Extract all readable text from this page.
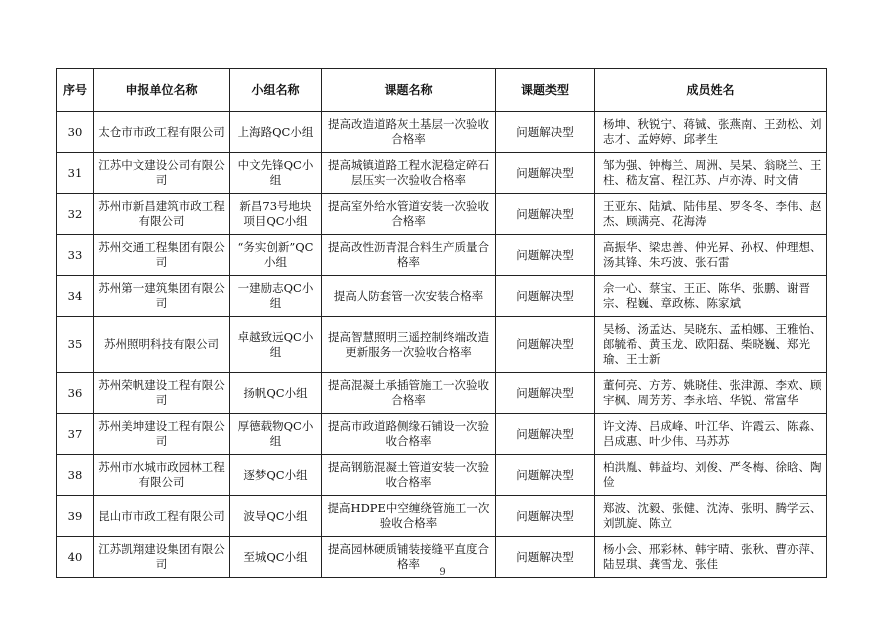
序号	申报单位名称	小组名称	课题名称	课题类型	成员姓名
30	太仓市市政工程有限公司	上海路QC小组	提高改造道路灰土基层一次验收合格率	问题解决型	杨坤、秋锐宁、蒋铖、张燕南、王劲松、刘志才、孟婷婷、邱孝生
31	江苏中文建设公司有限公司	中文先锋QC小组	提高城镇道路工程水泥稳定碎石层压实一次验收合格率	问题解决型	邹为强、钟梅兰、周洲、吴杲、翁晓兰、王柱、嵇友富、程江苏、卢亦涛、时文倩
32	苏州市新昌建筑市政工程有限公司	新昌73号地块项目QC小组	提高室外给水管道安装一次验收合格率	问题解决型	王亚东、陆斌、陆伟星、罗冬冬、李伟、赵杰、顾满亮、花海涛
33	苏州交通工程集团有限公司	“务实创新”QC小组	提高改性沥青混合料生产质量合格率	问题解决型	高振华、梁忠善、仲光昇、孙权、仲理想、汤其锋、朱巧波、张石雷
34	苏州第一建筑集团有限公司	一建励志QC小组	提高人防套管一次安装合格率	问题解决型	佘一心、蔡宝、王正、陈华、张鹏、谢晋宗、程巍、章政栋、陈家斌
35	苏州照明科技有限公司	卓越致远QC小组	提高智慧照明三遥控制终端改造更新服务一次验收合格率	问题解决型	吴杨、汤孟达、吴晓东、孟柏娜、王雅怡、郎毓希、黄玉龙、欧阳磊、柴晓巍、郑光瑜、王士新
36	苏州荣帆建设工程有限公司	扬帆QC小组	提高混凝土承插管施工一次验收合格率	问题解决型	董何亮、方芳、姚晓佳、张津源、李欢、顾宇枫、周芳芳、李永培、华锐、常富华
37	苏州美坤建设工程有限公司	厚德载物QC小组	提高市政道路侧缘石铺设一次验收合格率	问题解决型	许文涛、吕成峰、叶江华、许霞云、陈淼、吕成惠、叶少伟、马苏苏
38	苏州市水城市政园林工程有限公司	逐梦QC小组	提高钢筋混凝土管道安装一次验收合格率	问题解决型	柏洪胤、韩益均、刘俊、严冬梅、徐晗、陶俭
39	昆山市市政工程有限公司	波导QC小组	提高HDPE中空缠绕管施工一次验收合格率	问题解决型	郑波、沈毅、张健、沈涛、张明、腾学云、刘凯旋、陈立
40	江苏凯翔建设集团有限公司	至城QC小组	提高园林硬质铺装接缝平直度合格率	问题解决型	杨小会、邢彩林、韩宇晴、张秋、曹亦萍、陆昱琪、龚雪龙、张佳
9
